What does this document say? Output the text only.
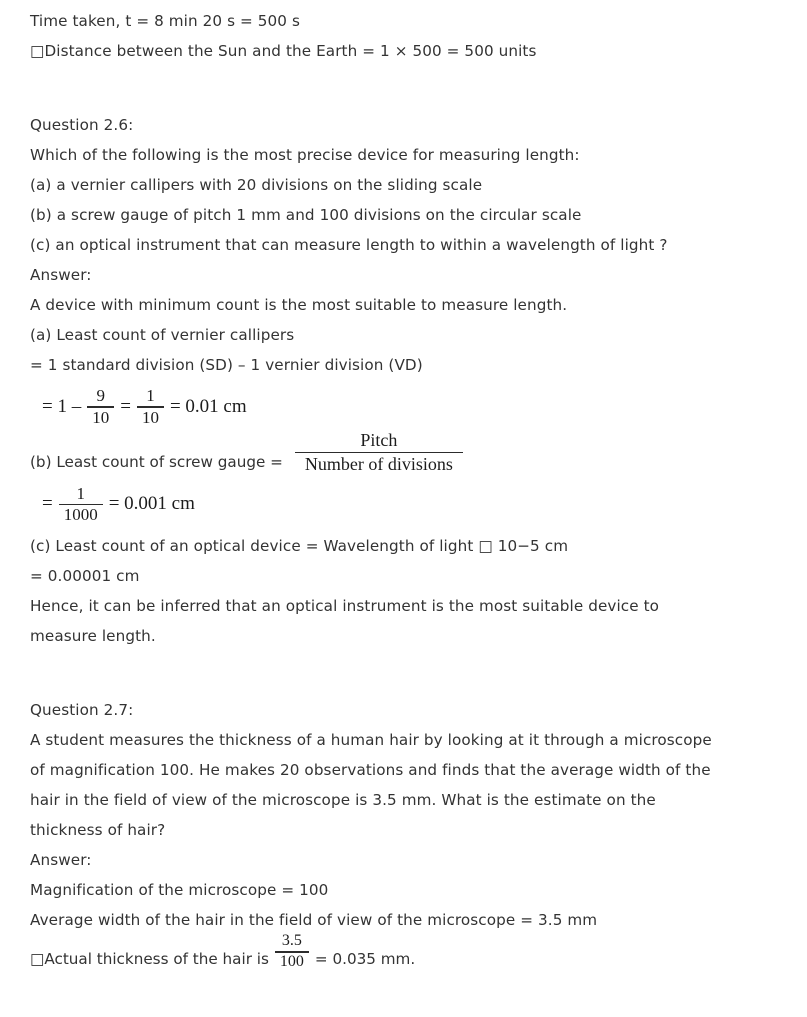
Time taken, t = 8 min 20 s = 500 s
□Distance between the Sun and the Earth = 1 × 500 = 500 units
Question 2.6:
Which of the following is the most precise device for measuring length:
(a) a vernier callipers with 20 divisions on the sliding scale
(b) a screw gauge of pitch 1 mm and 100 divisions on the circular scale
(c) an optical instrument that can measure length to within a wavelength of light ?
Answer:
A device with minimum count is the most suitable to measure length.
(a) Least count of vernier callipers
= 1 standard division (SD) – 1 vernier division (VD)
= $1 - \frac{9}{10} = \frac{1}{10} = 0.01$ cm
(b) Least count of screw gauge = $\frac{\text{Pitch}}{\text{Number of divisions}}$
= $\frac{1}{1000} = 0.001$ cm
(c) Least count of an optical device = Wavelength of light □ 10−5 cm
= 0.00001 cm
Hence, it can be inferred that an optical instrument is the most suitable device to
measure length.
Question 2.7:
A student measures the thickness of a human hair by looking at it through a microscope
of magnification 100. He makes 20 observations and finds that the average width of the
hair in the field of view of the microscope is 3.5 mm. What is the estimate on the
thickness of hair?
Answer:
Magnification of the microscope = 100
Average width of the hair in the field of view of the microscope = 3.5 mm
□Actual thickness of the hair is $\frac{3.5}{100} = 0.035$ mm.
